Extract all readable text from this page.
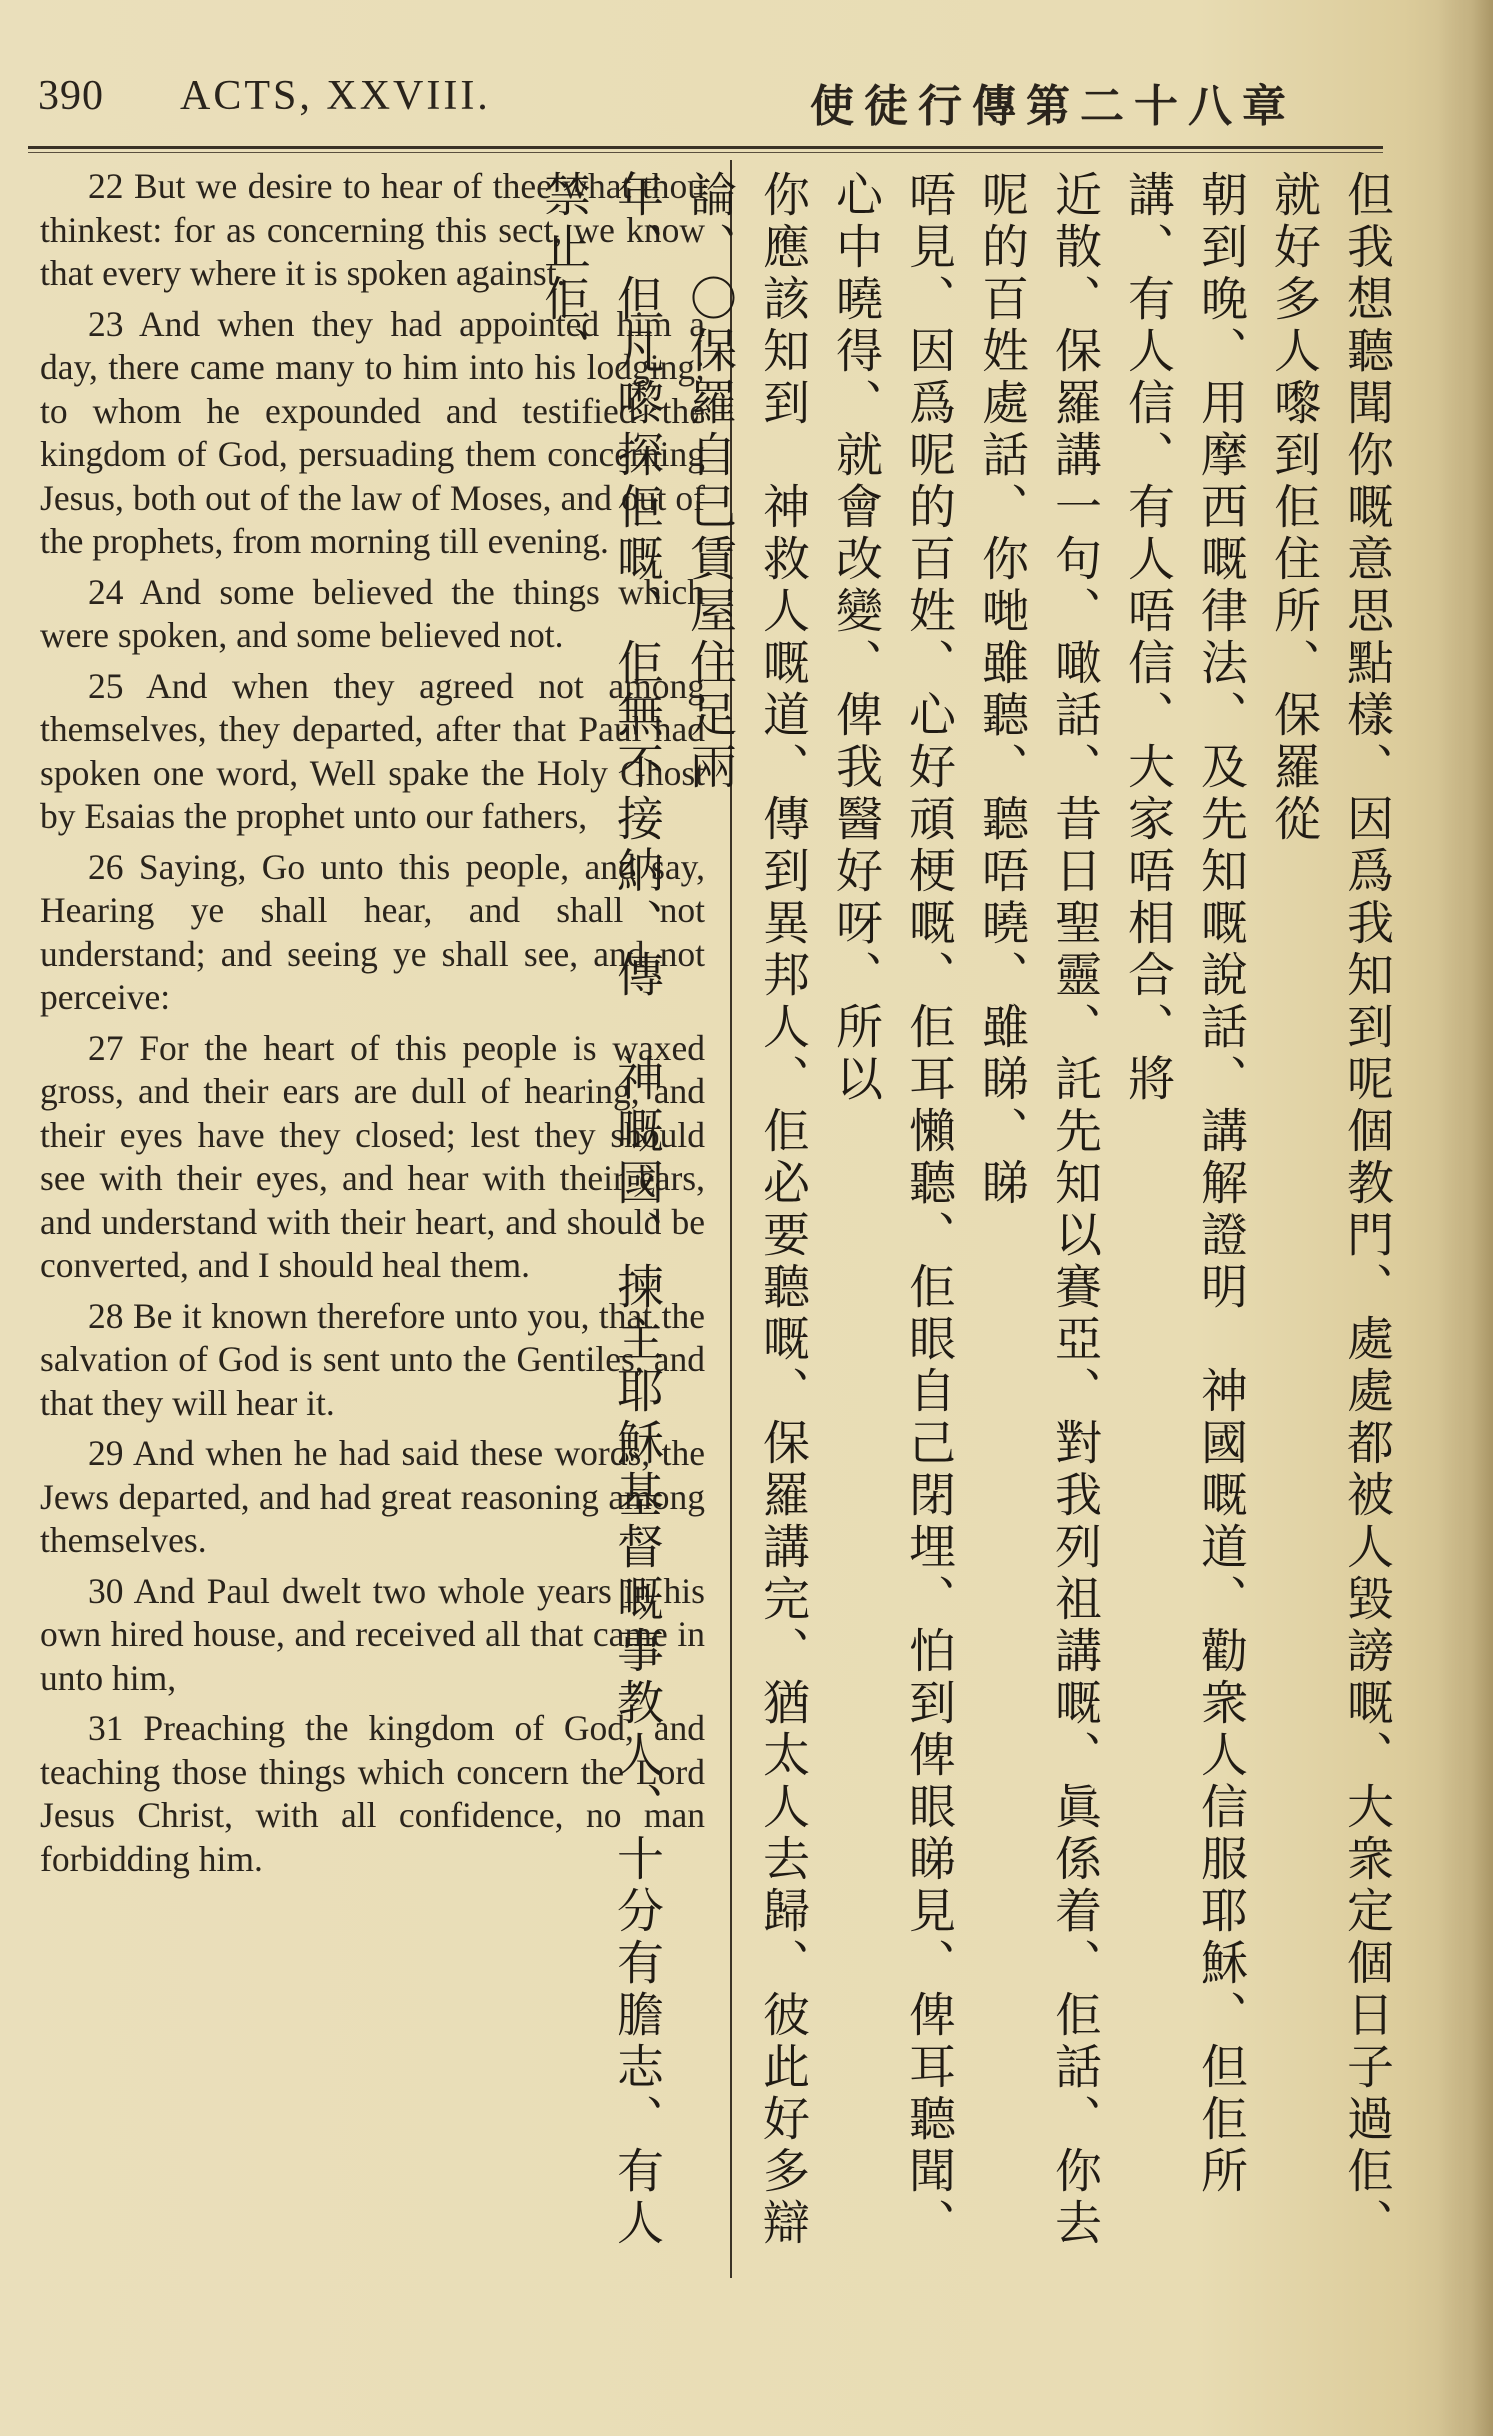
390 ACTS, XXVIII.	使徒行傳第二十八章

22 But we desire to hear of thee what thou thinkest: for as concerning this sect, we know that every where it is spoken against.

23 And when they had appointed him a day, there came many to him into his lodging; to whom he expounded and testified the kingdom of God, persuading them concerning Jesus, both out of the law of Moses, and out of the prophets, from morning till evening.

24 And some believed the things which were spoken, and some believed not.

25 And when they agreed not among themselves, they departed, after that Paul had spoken one word, Well spake the Holy Ghost by Esaias the prophet unto our fathers,

26 Saying, Go unto this people, and say, Hearing ye shall hear, and shall not understand; and seeing ye shall see, and not perceive:

27 For the heart of this people is waxed gross, and their ears are dull of hearing, and their eyes have they closed; lest they should see with their eyes, and hear with their ears, and understand with their heart, and should be converted, and I should heal them.

28 Be it known therefore unto you, that the salvation of God is sent unto the Gentiles, and that they will hear it.

29 And when he had said these words, the Jews departed, and had great reasoning among themselves.

30 And Paul dwelt two whole years in his own hired house, and received all that came in unto him,

31 Preaching the kingdom of God, and teaching those things which concern the Lord Jesus Christ, with all confidence, no man forbidding him.	但我想聽聞你嘅意思點樣、因爲我知到呢個教門、處處都被人毀謗嘅、大衆定個日子過佢、就好多人嚟到佢住所、保羅從

朝到晚、用摩西嘅律法、及先知嘅說話、講解證明　神國嘅道、勸衆人信服耶穌、但佢所講、有人信、有人唔信、大家唔相合、將

近散、保羅講一句、噉話、昔日聖靈、託先知以賽亞、對我列祖講嘅、眞係着、佢話、你去呢的百姓處話、你哋雖聽、聽唔曉、雖睇、睇

唔見、因爲呢的百姓、心好頑梗嘅、佢耳懶聽、佢眼自己閉埋、怕到俾眼睇見、俾耳聽聞、心中曉得、就會改變、俾我醫好呀、所以

你應該知到　神救人嘅道、傳到異邦人、佢必要聽嘅、保羅講完、猶太人去歸、彼此好多辯論、〇保羅自己賃屋住足兩

年、但凡嚟探佢嘅、佢無不接納、傳　神嘅國、揀主耶穌基督嘅事教人、十分有膽志、有人禁止佢、
